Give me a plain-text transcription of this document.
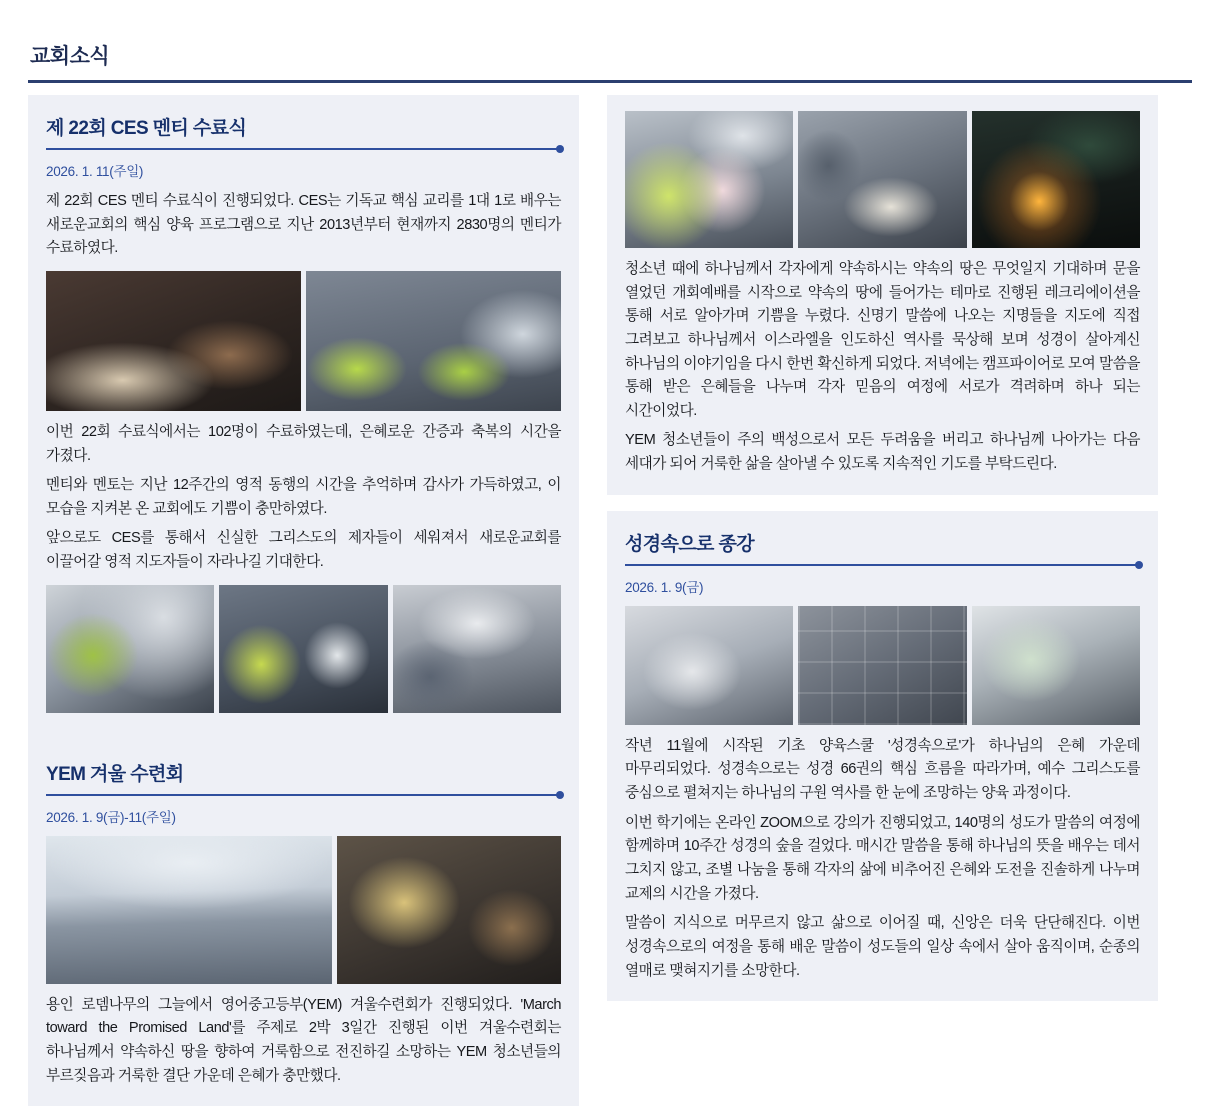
교회소식
제 22회 CES 멘티 수료식
2026. 1. 11(주일)

제 22회 CES 멘티 수료식이 진행되었다. CES는 기독교 핵심 교리를 1대 1로 배우는 새로운교회의 핵심 양육 프로그램으로 지난 2013년부터 현재까지 2830명의 멘티가 수료하였다.

이번 22회 수료식에서는 102명이 수료하였는데, 은혜로운 간증과 축복의 시간을 가졌다.

멘티와 멘토는 지난 12주간의 영적 동행의 시간을 추억하며 감사가 가득하였고, 이 모습을 지켜본 온 교회에도 기쁨이 충만하였다.

앞으로도 CES를 통해서 신실한 그리스도의 제자들이 세워져서 새로운교회를 이끌어갈 영적 지도자들이 자라나길 기대한다.

YEM 겨울 수련회
2026. 1. 9(금)-11(주일)

용인 로뎀나무의 그늘에서 영어중고등부(YEM) 겨울수련회가 진행되었다. 'March toward the Promised Land'를 주제로 2박 3일간 진행된 이번 겨울수련회는 하나님께서 약속하신 땅을 향하여 거룩함으로 전진하길 소망하는 YEM 청소년들의 부르짖음과 거룩한 결단 가운데 은혜가 충만했다.

청소년 때에 하나님께서 각자에게 약속하시는 약속의 땅은 무엇일지 기대하며 문을 열었던 개회예배를 시작으로 약속의 땅에 들어가는 테마로 진행된 레크리에이션을 통해 서로 알아가며 기쁨을 누렸다. 신명기 말씀에 나오는 지명들을 지도에 직접 그려보고 하나님께서 이스라엘을 인도하신 역사를 묵상해 보며 성경이 살아계신 하나님의 이야기임을 다시 한번 확신하게 되었다. 저녁에는 캠프파이어로 모여 말씀을 통해 받은 은혜들을 나누며 각자 믿음의 여정에 서로가 격려하며 하나 되는 시간이었다.

YEM 청소년들이 주의 백성으로서 모든 두려움을 버리고 하나님께 나아가는 다음 세대가 되어 거룩한 삶을 살아낼 수 있도록 지속적인 기도를 부탁드린다.

성경속으로 종강
2026. 1. 9(금)

작년 11월에 시작된 기초 양육스쿨 '성경속으로'가 하나님의 은혜 가운데 마무리되었다. 성경속으로는 성경 66권의 핵심 흐름을 따라가며, 예수 그리스도를 중심으로 펼쳐지는 하나님의 구원 역사를 한 눈에 조망하는 양육 과정이다.

이번 학기에는 온라인 ZOOM으로 강의가 진행되었고, 140명의 성도가 말씀의 여정에 함께하며 10주간 성경의 숲을 걸었다. 매시간 말씀을 통해 하나님의 뜻을 배우는 데서 그치지 않고, 조별 나눔을 통해 각자의 삶에 비추어진 은혜와 도전을 진솔하게 나누며 교제의 시간을 가졌다.

말씀이 지식으로 머무르지 않고 삶으로 이어질 때, 신앙은 더욱 단단해진다. 이번 성경속으로의 여정을 통해 배운 말씀이 성도들의 일상 속에서 살아 움직이며, 순종의 열매로 맺혀지기를 소망한다.
